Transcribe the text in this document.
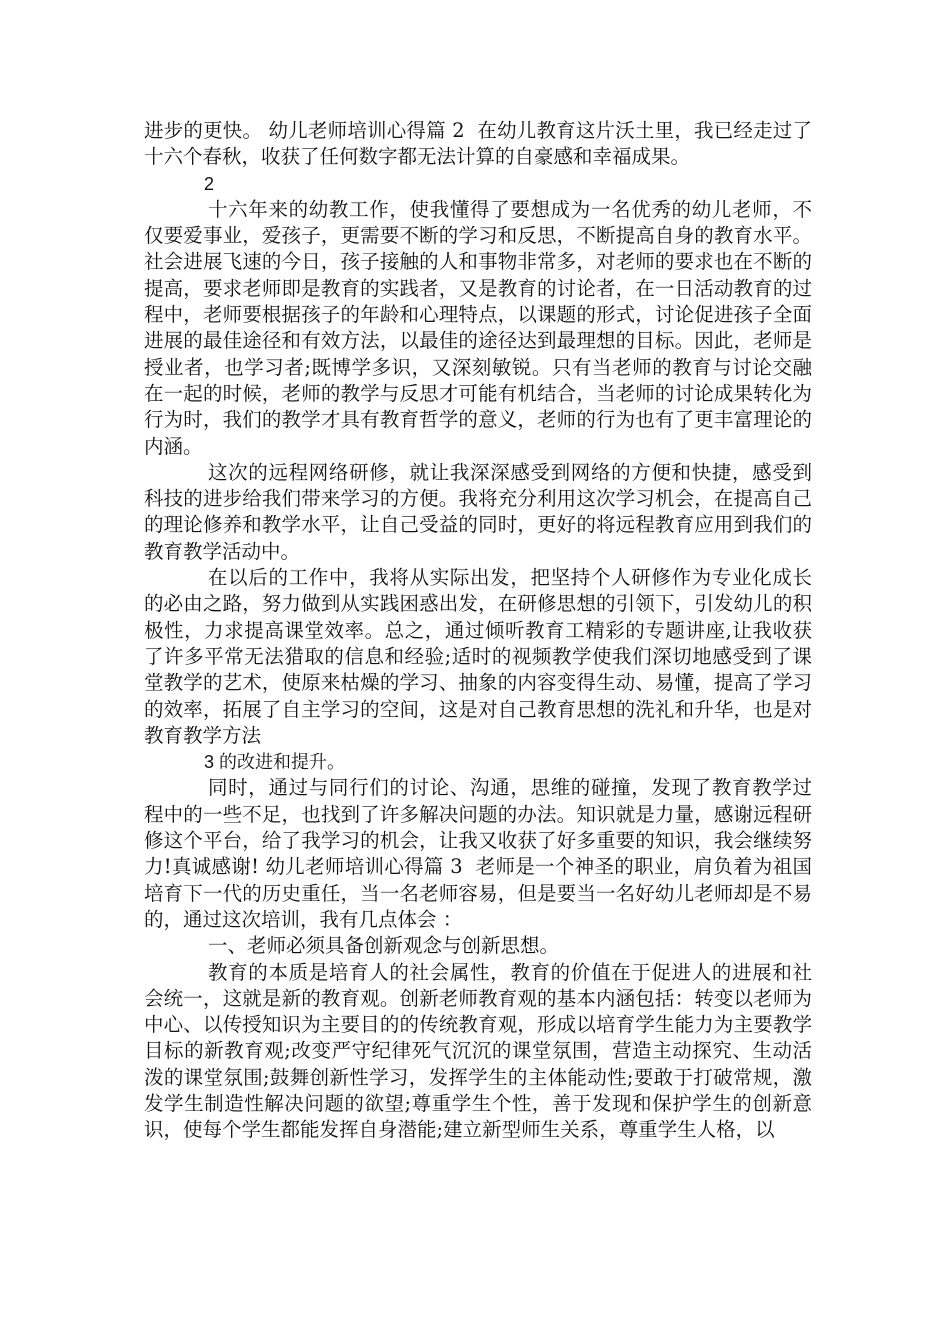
进步的更快。 幼儿老师培训心得篇 2  在幼儿教育这片沃土里，我已经走过了十六个春秋，收获了任何数字都无法计算的自豪感和幸福成果。

2

十六年来的幼教工作，使我懂得了要想成为一名优秀的幼儿老师，不仅要爱事业，爱孩子，更需要不断的学习和反思，不断提高自身的教育水平。社会进展飞速的今日，孩子接触的人和事物非常多，对老师的要求也在不断的提高，要求老师即是教育的实践者，又是教育的讨论者，在一日活动教育的过程中，老师要根据孩子的年龄和心理特点，以课题的形式，讨论促进孩子全面进展的最佳途径和有效方法，以最佳的途径达到最理想的目标。因此，老师是授业者，也学习者;既博学多识，又深刻敏锐。只有当老师的教育与讨论交融在一起的时候，老师的教学与反思才可能有机结合，当老师的讨论成果转化为行为时，我们的教学才具有教育哲学的意义，老师的行为也有了更丰富理论的内涵。

这次的远程网络研修，就让我深深感受到网络的方便和快捷，感受到科技的进步给我们带来学习的方便。我将充分利用这次学习机会，在提高自己的理论修养和教学水平，让自己受益的同时，更好的将远程教育应用到我们的教育教学活动中。

在以后的工作中，我将从实际出发，把坚持个人研修作为专业化成长的必由之路，努力做到从实践困惑出发，在研修思想的引领下，引发幼儿的积极性，力求提高课堂效率。总之，通过倾听教育工精彩的专题讲座,让我收获了许多平常无法猎取的信息和经验;适时的视频教学使我们深切地感受到了课堂教学的艺术，使原来枯燥的学习、抽象的内容变得生动、易懂，提高了学习的效率，拓展了自主学习的空间，这是对自己教育思想的洗礼和升华，也是对教育教学方法

3 的改进和提升。

同时，通过与同行们的讨论、沟通，思维的碰撞，发现了教育教学过程中的一些不足，也找到了许多解决问题的办法。知识就是力量，感谢远程研修这个平台，给了我学习的机会，让我又收获了好多重要的知识，我会继续努力!真诚感谢! 幼儿老师培训心得篇 3  老师是一个神圣的职业，肩负着为祖国培育下一代的历史重任，当一名老师容易，但是要当一名好幼儿老师却是不易的，通过这次培训，我有几点体会 ：

一、老师必须具备创新观念与创新思想。

教育的本质是培育人的社会属性，教育的价值在于促进人的进展和社会统一，这就是新的教育观。创新老师教育观的基本内涵包括：转变以老师为中心、以传授知识为主要目的的传统教育观，形成以培育学生能力为主要教学目标的新教育观;改变严守纪律死气沉沉的课堂氛围，营造主动探究、生动活泼的课堂氛围;鼓舞创新性学习，发挥学生的主体能动性;要敢于打破常规，激发学生制造性解决问题的欲望;尊重学生个性，善于发现和保护学生的创新意识，使每个学生都能发挥自身潜能;建立新型师生关系，尊重学生人格，以
